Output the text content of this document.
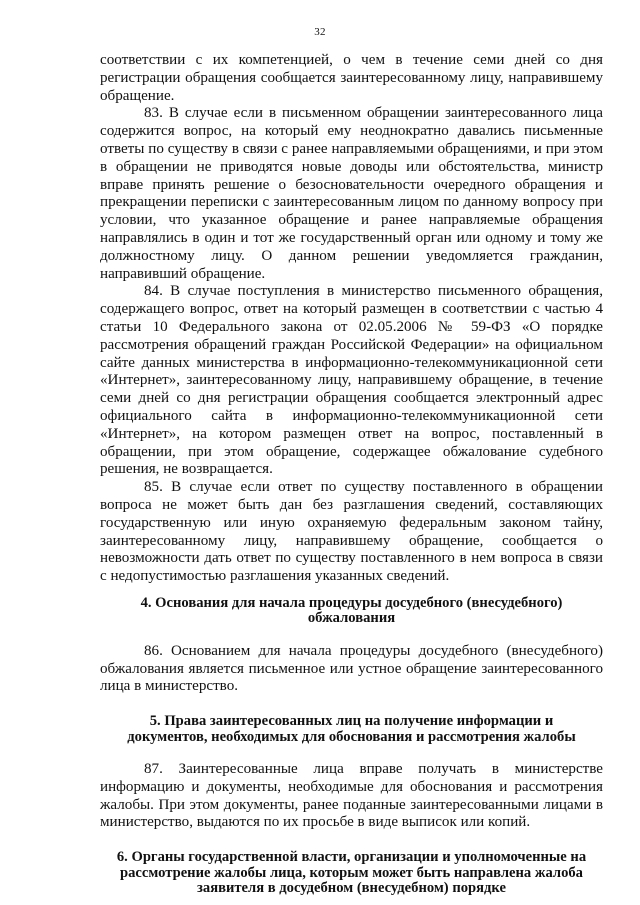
32

соответствии с их компетенцией, о чем в течение семи дней со дня регистрации обращения сообщается заинтересованному лицу, направившему обращение.

83. В случае если в письменном обращении заинтересованного лица содержится вопрос, на который ему неоднократно давались письменные ответы по существу в связи с ранее направляемыми обращениями, и при этом в обращении не приводятся новые доводы или обстоятельства, министр вправе принять решение о безосновательности очередного обращения и прекращении переписки с заинтересованным лицом по данному вопросу при условии, что указанное обращение и ранее направляемые обращения направлялись в один и тот же государственный орган или одному и тому же должностному лицу. О данном решении уведомляется гражданин, направивший обращение.

84. В случае поступления в министерство письменного обращения, содержащего вопрос, ответ на который размещен в соответствии с частью 4 статьи 10 Федерального закона от 02.05.2006 № 59-ФЗ «О порядке рассмотрения обращений граждан Российской Федерации» на официальном сайте данных министерства в информационно-телекоммуникационной сети «Интернет», заинтересованному лицу, направившему обращение, в течение семи дней со дня регистрации обращения сообщается электронный адрес официального сайта в информационно-телекоммуникационной сети «Интернет», на котором размещен ответ на вопрос, поставленный в обращении, при этом обращение, содержащее обжалование судебного решения, не возвращается.

85. В случае если ответ по существу поставленного в обращении вопроса не может быть дан без разглашения сведений, составляющих государственную или иную охраняемую федеральным законом тайну, заинтересованному лицу, направившему обращение, сообщается о невозможности дать ответ по существу поставленного в нем вопроса в связи с недопустимостью разглашения указанных сведений.

4. Основания для начала процедуры досудебного (внесудебного)
обжалования

86. Основанием для начала процедуры досудебного (внесудебного) обжалования является письменное или устное обращение заинтересованного лица в министерство.

5. Права заинтересованных лиц на получение информации и
документов, необходимых для обоснования и рассмотрения жалобы

87. Заинтересованные лица вправе получать в министерстве информацию и документы, необходимые для обоснования и рассмотрения жалобы. При этом документы, ранее поданные заинтересованными лицами в министерство, выдаются по их просьбе в виде выписок или копий.

6. Органы государственной власти, организации и уполномоченные на
рассмотрение жалобы лица, которым может быть направлена жалоба
заявителя в досудебном (внесудебном) порядке
